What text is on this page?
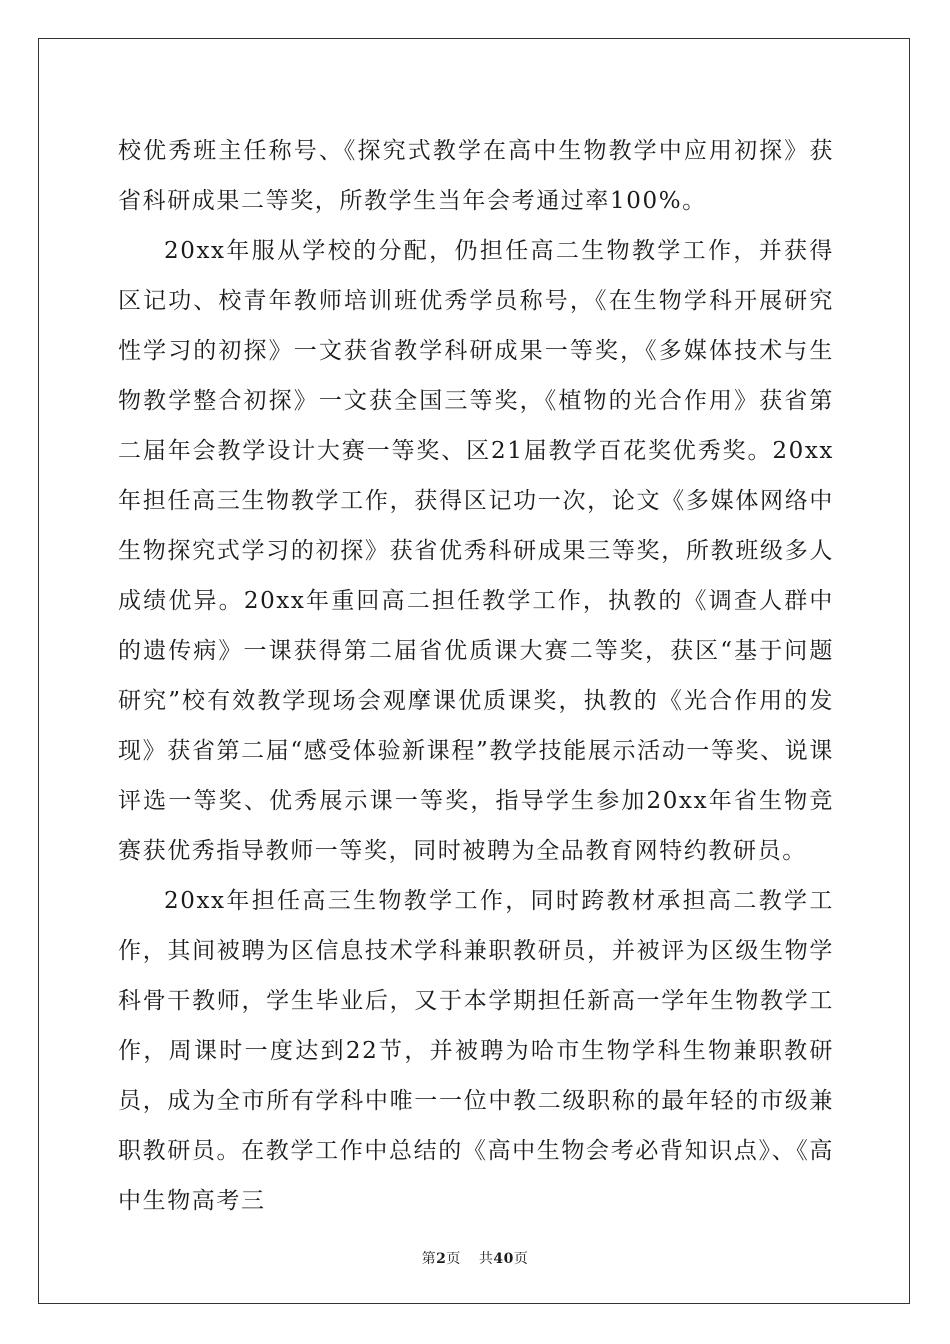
校优秀班主任称号、《探究式教学在高中生物教学中应用初探》获省科研成果二等奖，所教学生当年会考通过率100%。

20xx年服从学校的分配，仍担任高二生物教学工作，并获得区记功、校青年教师培训班优秀学员称号，《在生物学科开展研究性学习的初探》一文获省教学科研成果一等奖，《多媒体技术与生物教学整合初探》一文获全国三等奖，《植物的光合作用》获省第二届年会教学设计大赛一等奖、区21届教学百花奖优秀奖。20xx年担任高三生物教学工作，获得区记功一次，论文《多媒体网络中生物探究式学习的初探》获省优秀科研成果三等奖，所教班级多人成绩优异。20xx年重回高二担任教学工作，执教的《调查人群中的遗传病》一课获得第二届省优质课大赛二等奖，获区“基于问题研究”校有效教学现场会观摩课优质课奖，执教的《光合作用的发现》获省第二届“感受体验新课程”教学技能展示活动一等奖、说课评选一等奖、优秀展示课一等奖，指导学生参加20xx年省生物竞赛获优秀指导教师一等奖，同时被聘为全品教育网特约教研员。

20xx年担任高三生物教学工作，同时跨教材承担高二教学工作，其间被聘为区信息技术学科兼职教研员，并被评为区级生物学科骨干教师，学生毕业后，又于本学期担任新高一学年生物教学工作，周课时一度达到22节，并被聘为哈市生物学科生物兼职教研员，成为全市所有学科中唯一一位中教二级职称的最年轻的市级兼职教研员。在教学工作中总结的《高中生物会考必背知识点》、《高中生物高考三

第2页 共40页
